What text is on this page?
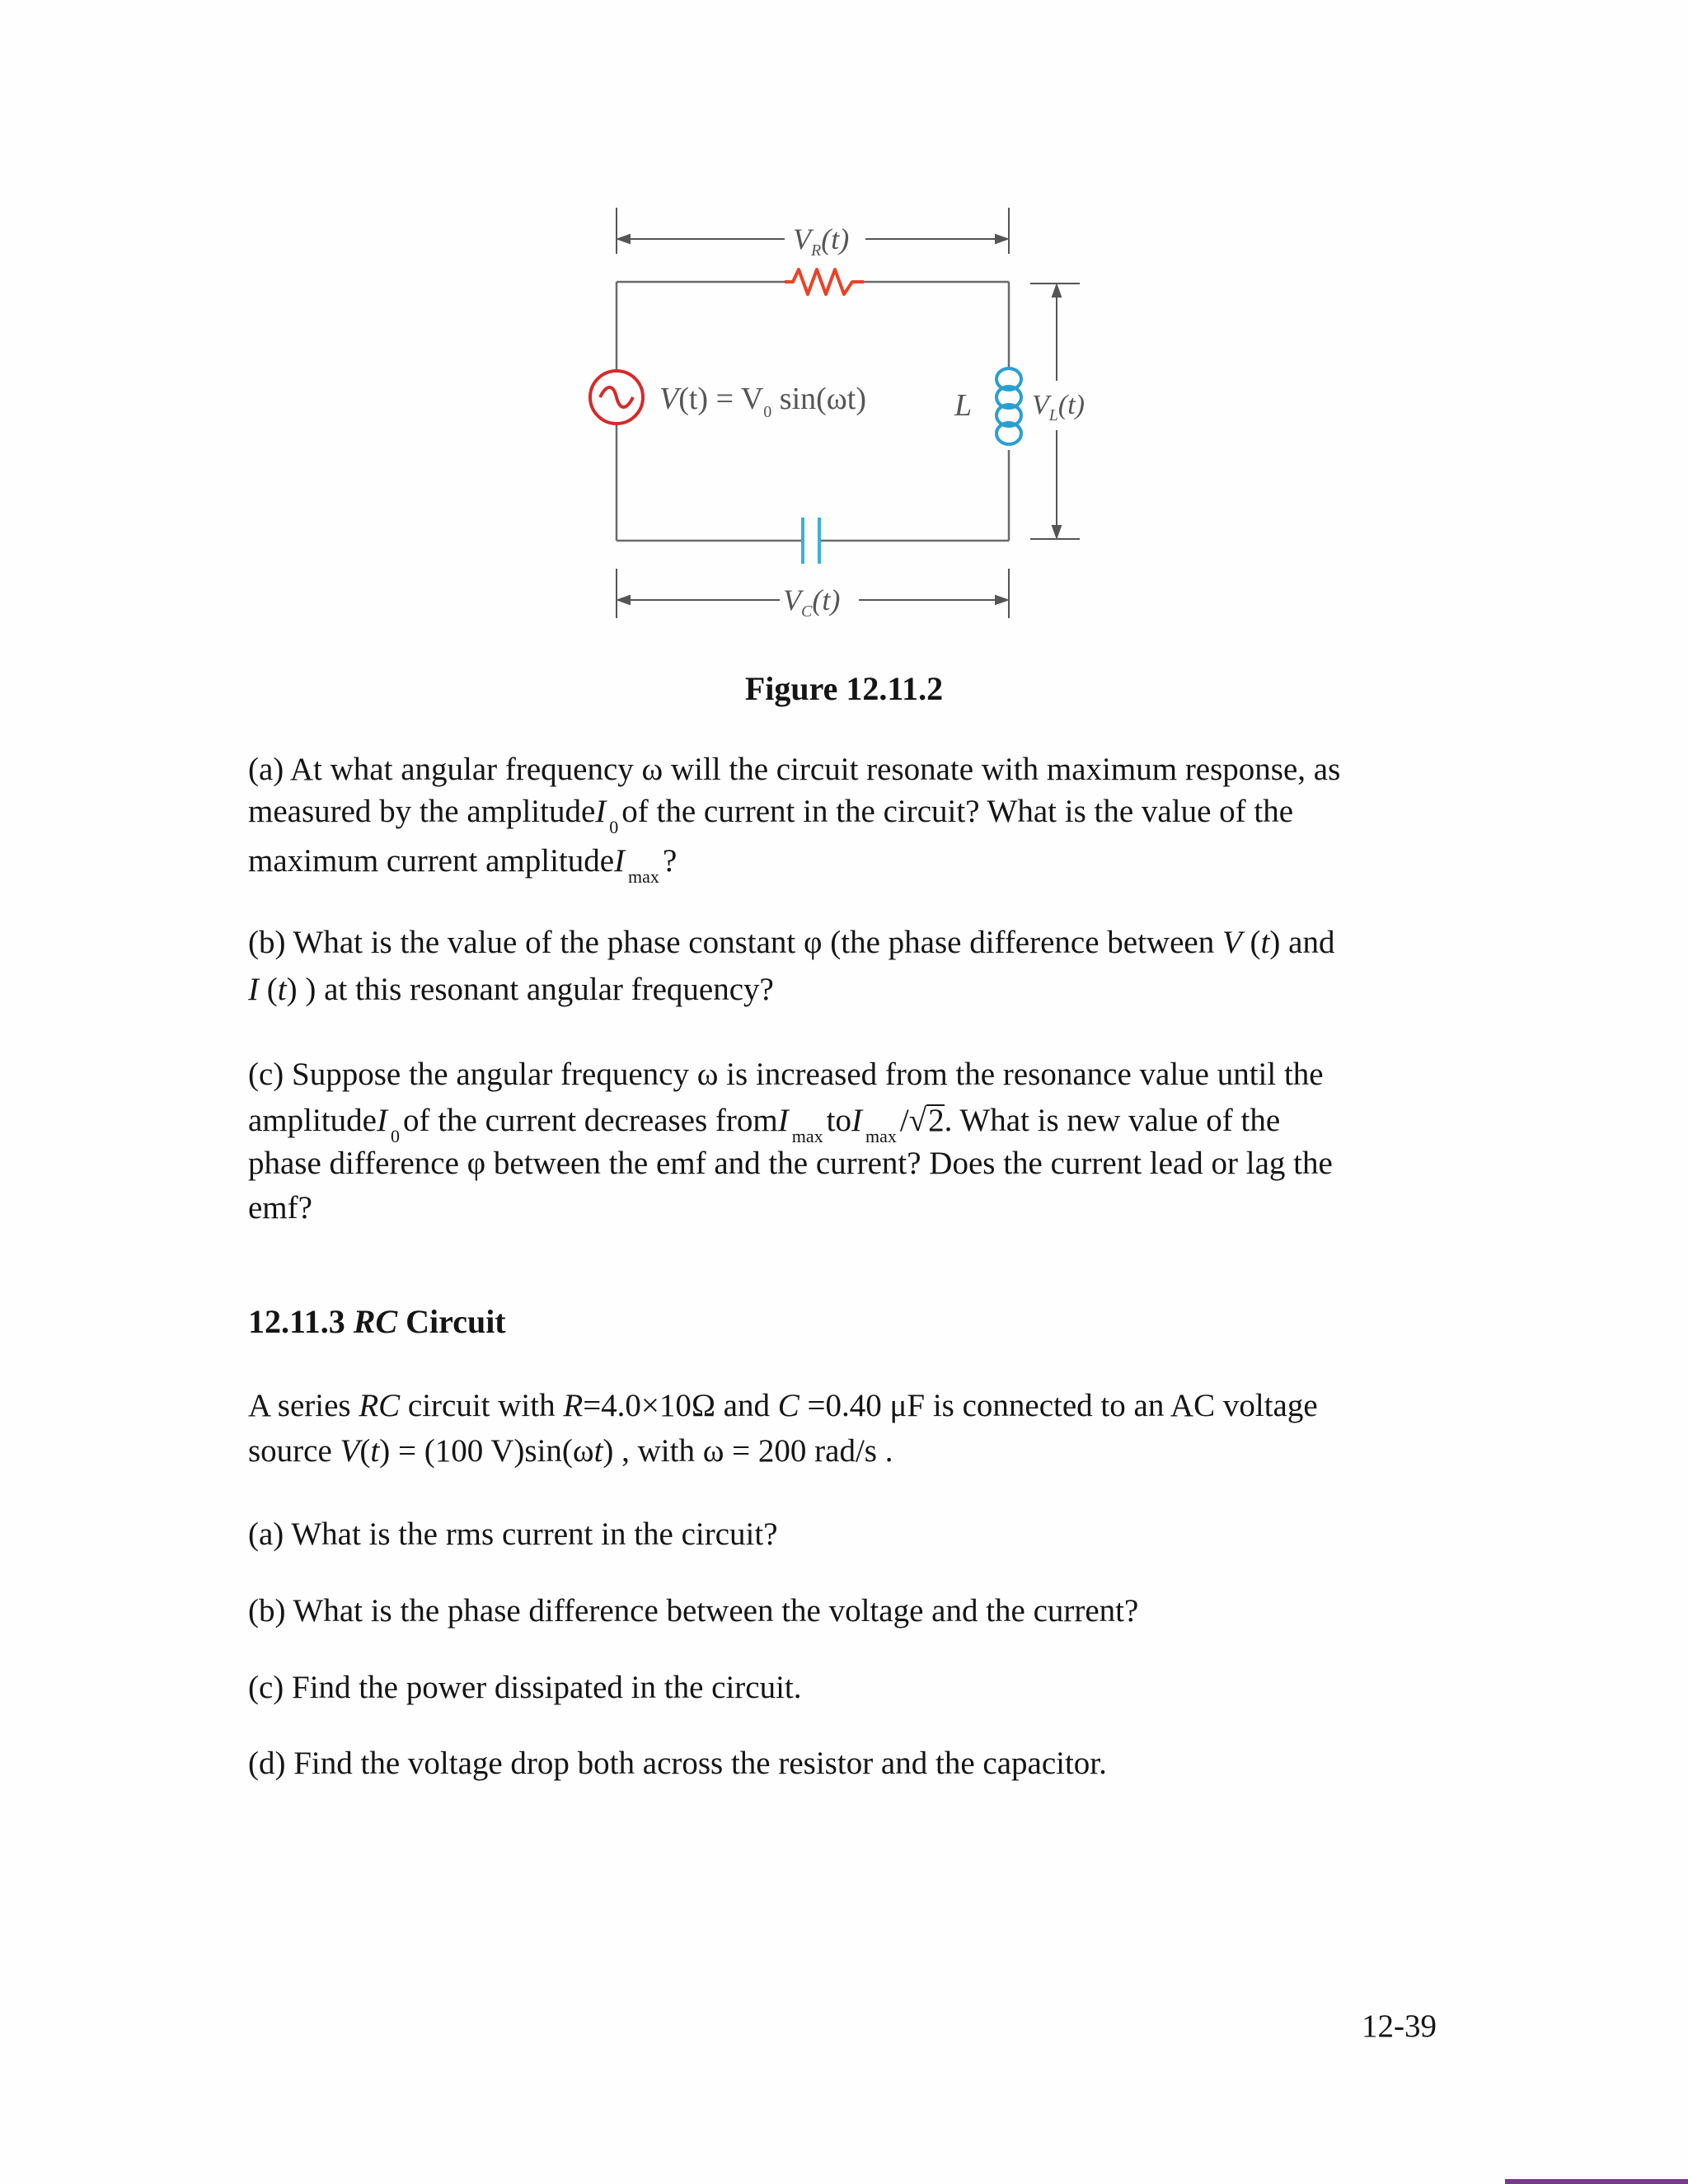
$V_R(t)$
$V(t) = V_0$ sin(ωt)	L $V_L(t)$
$V_C(t)$
Figure 12.11.2
(a) At what angular frequency ω will the circuit resonate with maximum response, as
measured by the amplitudeI $_0$ of the current in the circuit? What is the value of the
maximum current amplitudeI $_{max}$ ?
(b) What is the value of the phase constant φ (the phase difference between V (t) and
I (t) ) at this resonant angular frequency?
(c) Suppose the angular frequency ω is increased from the resonance value until the
amplitudeI $_0$ of the current decreases fromI $_{max}$ toI $_{max}$ /√2. What is new value of the
phase difference φ between the emf and the current? Does the current lead or lag the
emf?
12.11.3 RC Circuit
A series RC circuit with R=4.0×10Ω and C =0.40 μF is connected to an AC voltage
source V(t) = (100 V)sin(ωt) , with ω = 200 rad/s .
(a) What is the rms current in the circuit?
(b) What is the phase difference between the voltage and the current?
(c) Find the power dissipated in the circuit.
(d) Find the voltage drop both across the resistor and the capacitor.
12-39
